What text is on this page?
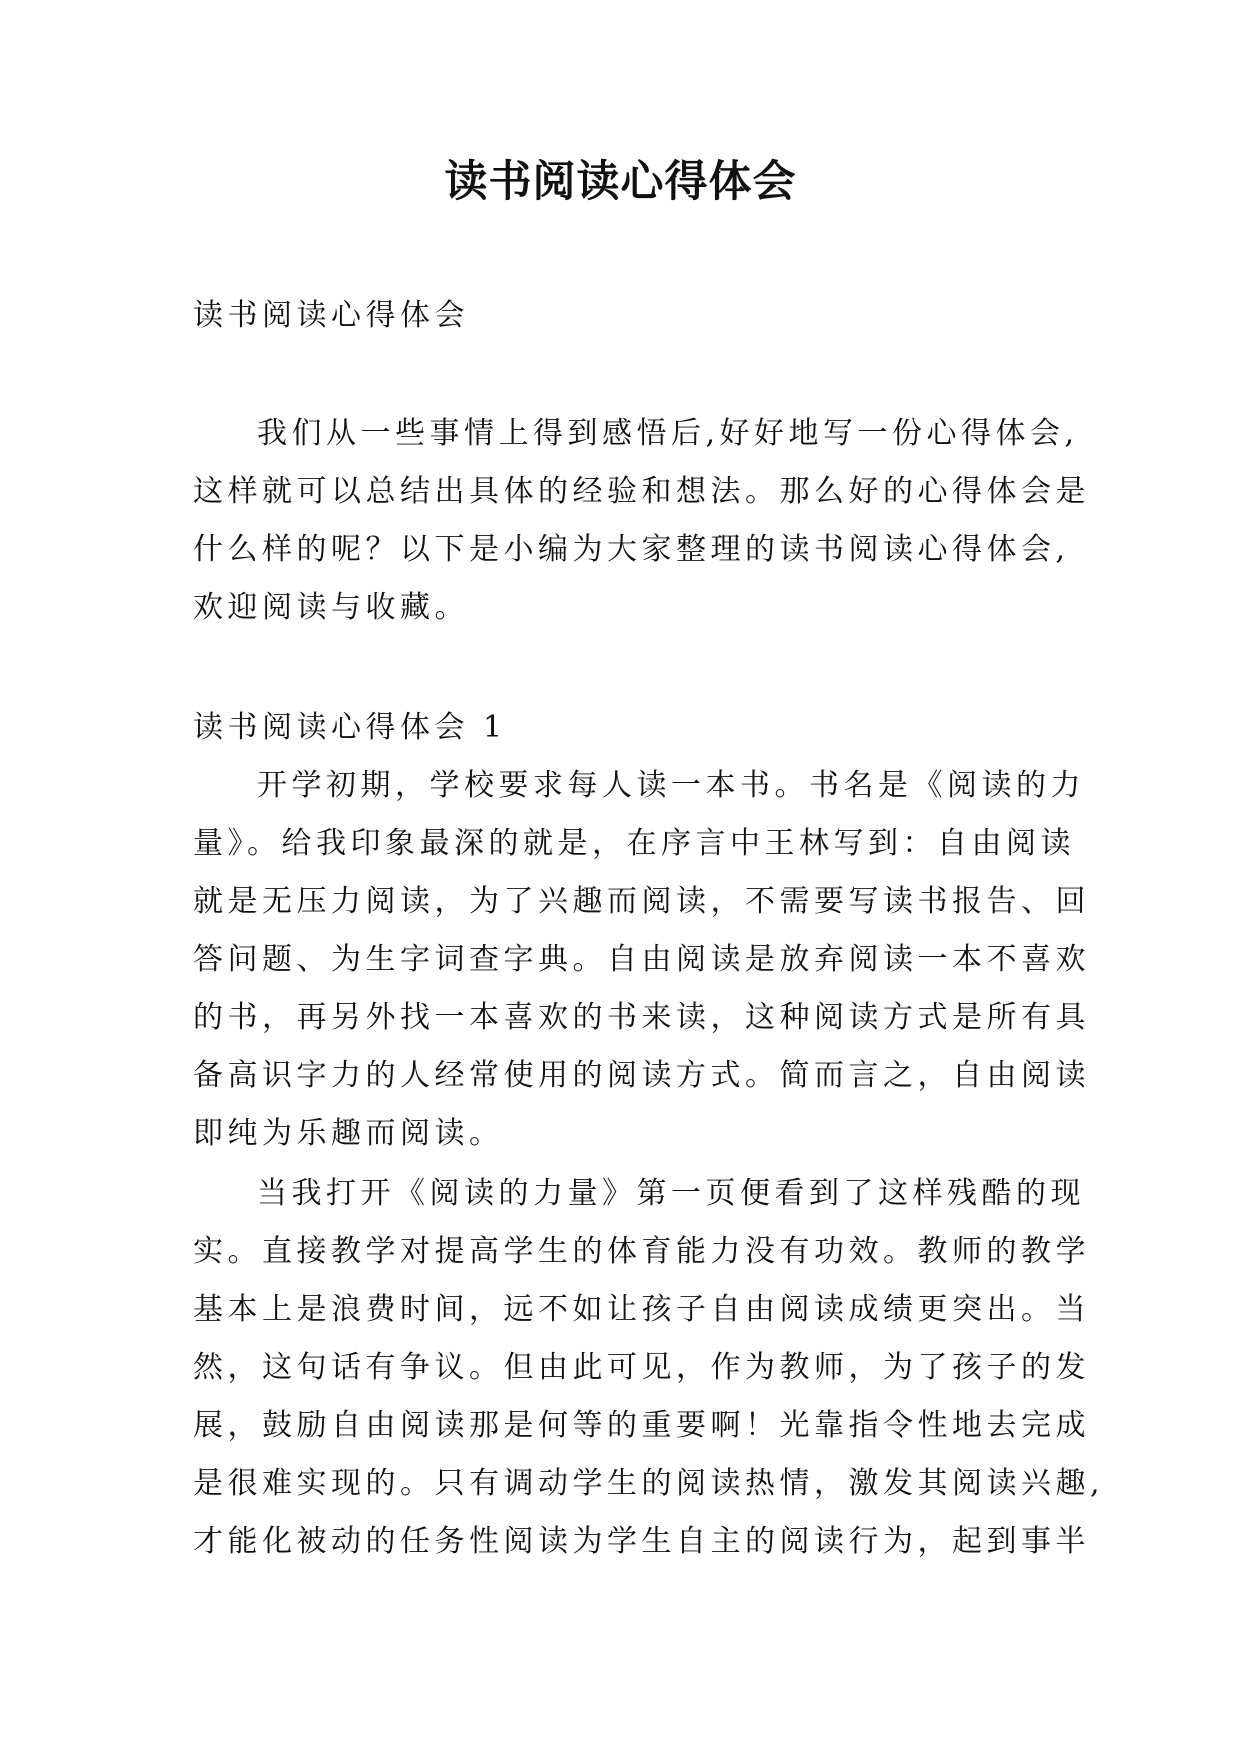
读书阅读心得体会
读书阅读心得体会
我们从一些事情上得到感悟后,好好地写一份心得体会,
这样就可以总结出具体的经验和想法。那么好的心得体会是
什么样的呢？以下是小编为大家整理的读书阅读心得体会,
欢迎阅读与收藏。
读书阅读心得体会 1
开学初期，学校要求每人读一本书。书名是《阅读的力
量》。给我印象最深的就是，在序言中王林写到：自由阅读
就是无压力阅读，为了兴趣而阅读，不需要写读书报告、回
答问题、为生字词查字典。自由阅读是放弃阅读一本不喜欢
的书，再另外找一本喜欢的书来读，这种阅读方式是所有具
备高识字力的人经常使用的阅读方式。简而言之，自由阅读
即纯为乐趣而阅读。
当我打开《阅读的力量》第一页便看到了这样残酷的现
实。直接教学对提高学生的体育能力没有功效。教师的教学
基本上是浪费时间，远不如让孩子自由阅读成绩更突出。当
然，这句话有争议。但由此可见，作为教师，为了孩子的发
展，鼓励自由阅读那是何等的重要啊！光靠指令性地去完成
是很难实现的。只有调动学生的阅读热情，激发其阅读兴趣,
才能化被动的任务性阅读为学生自主的阅读行为，起到事半
